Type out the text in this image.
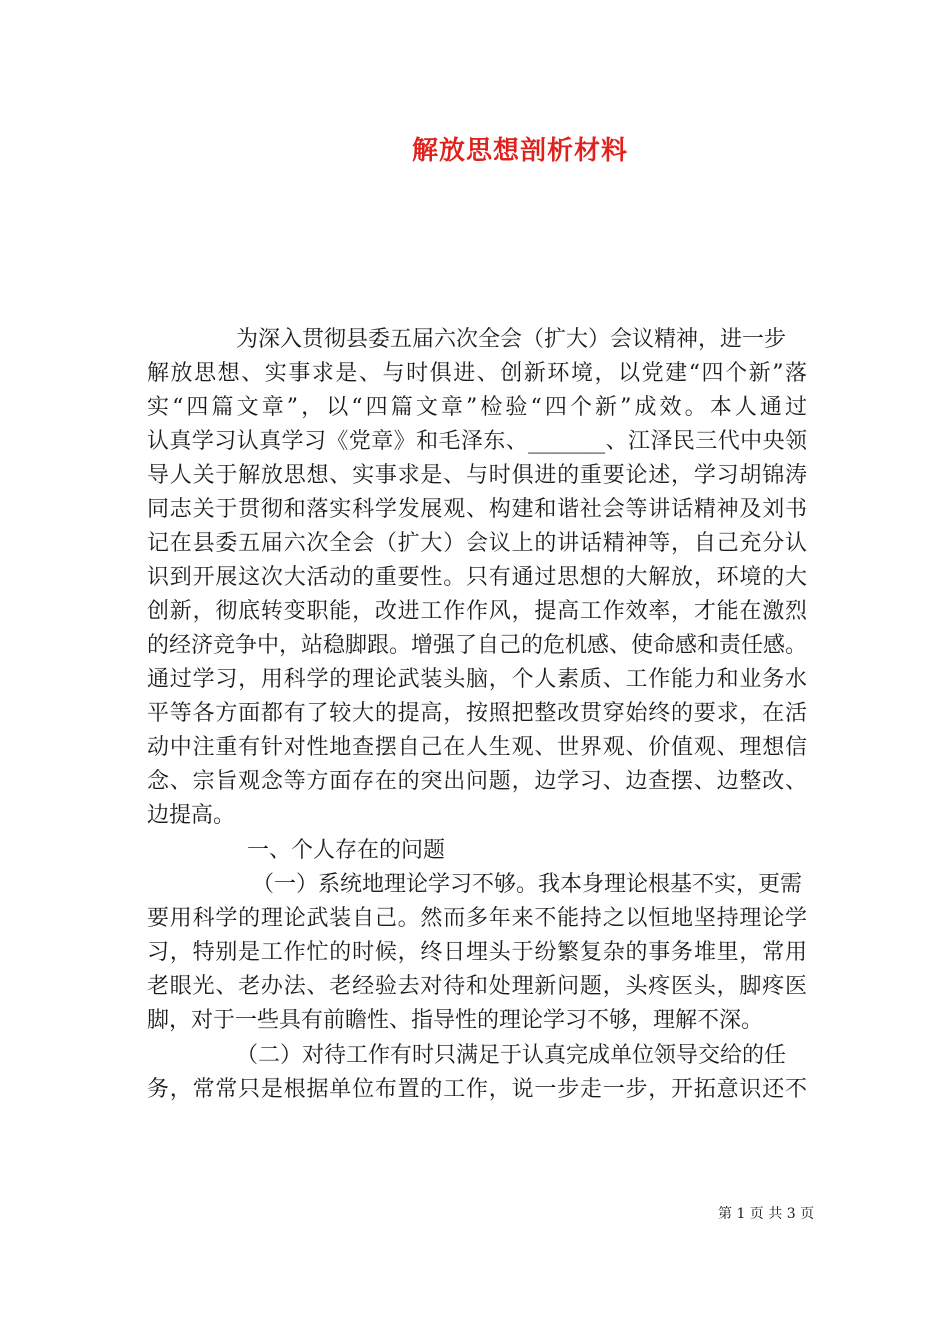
解放思想剖析材料

为深入贯彻县委五届六次全会（扩大）会议精神，进一步

解放思想、实事求是、与时俱进、创新环境，以党建“四个新”落

实“四篇文章”，以“四篇文章”检验“四个新”成效。本人通过

认真学习认真学习《党章》和毛泽东、_______、江泽民三代中央领

导人关于解放思想、实事求是、与时俱进的重要论述，学习胡锦涛

同志关于贯彻和落实科学发展观、构建和谐社会等讲话精神及刘书

记在县委五届六次全会（扩大）会议上的讲话精神等，自己充分认

识到开展这次大活动的重要性。只有通过思想的大解放，环境的大

创新，彻底转变职能，改进工作作风，提高工作效率，才能在激烈

的经济竞争中，站稳脚跟。增强了自己的危机感、使命感和责任感。

通过学习，用科学的理论武装头脑，个人素质、工作能力和业务水

平等各方面都有了较大的提高，按照把整改贯穿始终的要求，在活

动中注重有针对性地查摆自己在人生观、世界观、价值观、理想信

念、宗旨观念等方面存在的突出问题，边学习、边查摆、边整改、

边提高。

一、个人存在的问题

（一）系统地理论学习不够。我本身理论根基不实，更需

要用科学的理论武装自己。然而多年来不能持之以恒地坚持理论学

习，特别是工作忙的时候，终日埋头于纷繁复杂的事务堆里，常用

老眼光、老办法、老经验去对待和处理新问题，头疼医头，脚疼医

脚，对于一些具有前瞻性、指导性的理论学习不够，理解不深。

（二）对待工作有时只满足于认真完成单位领导交给的任

务，常常只是根据单位布置的工作，说一步走一步，开拓意识还不

第 1 页 共 3 页
